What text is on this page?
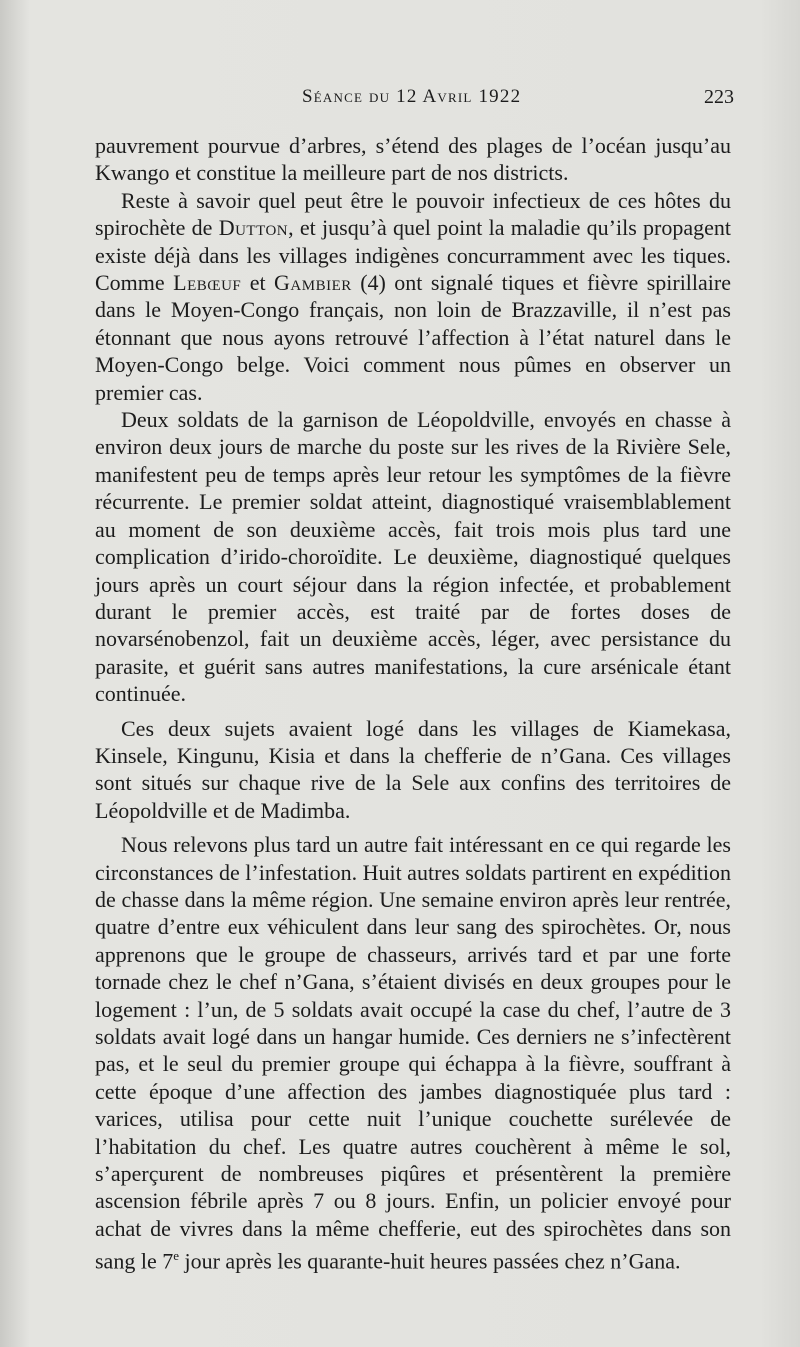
Séance du 12 Avril 1922	223

pauvrement pourvue d’arbres, s’étend des plages de l’océan jusqu’au Kwango et constitue la meilleure part de nos districts.

Reste à savoir quel peut être le pouvoir infectieux de ces hôtes du spirochète de Dutton, et jusqu’à quel point la maladie qu’ils propagent existe déjà dans les villages indigènes concurramment avec les tiques. Comme Lebœuf et Gambier (4) ont signalé tiques et fièvre spirillaire dans le Moyen-Congo français, non loin de Brazzaville, il n’est pas étonnant que nous ayons retrouvé l’affection à l’état naturel dans le Moyen-Congo belge. Voici comment nous pûmes en observer un premier cas.

Deux soldats de la garnison de Léopoldville, envoyés en chasse à environ deux jours de marche du poste sur les rives de la Rivière Sele, manifestent peu de temps après leur retour les symptômes de la fièvre récurrente. Le premier soldat atteint, diagnostiqué vraisemblablement au moment de son deuxième accès, fait trois mois plus tard une complication d’irido-choroïdite. Le deuxième, diagnostiqué quelques jours après un court séjour dans la région infectée, et probablement durant le premier accès, est traité par de fortes doses de novarsénobenzol, fait un deuxième accès, léger, avec persistance du parasite, et guérit sans autres manifestations, la cure arsénicale étant continuée.

Ces deux sujets avaient logé dans les villages de Kiamekasa, Kinsele, Kingunu, Kisia et dans la chefferie de n’Gana. Ces villages sont situés sur chaque rive de la Sele aux confins des territoires de Léopoldville et de Madimba.

Nous relevons plus tard un autre fait intéressant en ce qui regarde les circonstances de l’infestation. Huit autres soldats partirent en expédition de chasse dans la même région. Une semaine environ après leur rentrée, quatre d’entre eux véhiculent dans leur sang des spirochètes. Or, nous apprenons que le groupe de chasseurs, arrivés tard et par une forte tornade chez le chef n’Gana, s’étaient divisés en deux groupes pour le logement : l’un, de 5 soldats avait occupé la case du chef, l’autre de 3 soldats avait logé dans un hangar humide. Ces derniers ne s’infectèrent pas, et le seul du premier groupe qui échappa à la fièvre, souffrant à cette époque d’une affection des jambes diagnostiquée plus tard : varices, utilisa pour cette nuit l’unique couchette surélevée de l’habitation du chef. Les quatre autres couchèrent à même le sol, s’aperçurent de nombreuses piqûres et présentèrent la première ascension fébrile après 7 ou 8 jours. Enfin, un policier envoyé pour achat de vivres dans la même chefferie, eut des spirochètes dans son sang le 7e jour après les quarante-huit heures passées chez n’Gana.
